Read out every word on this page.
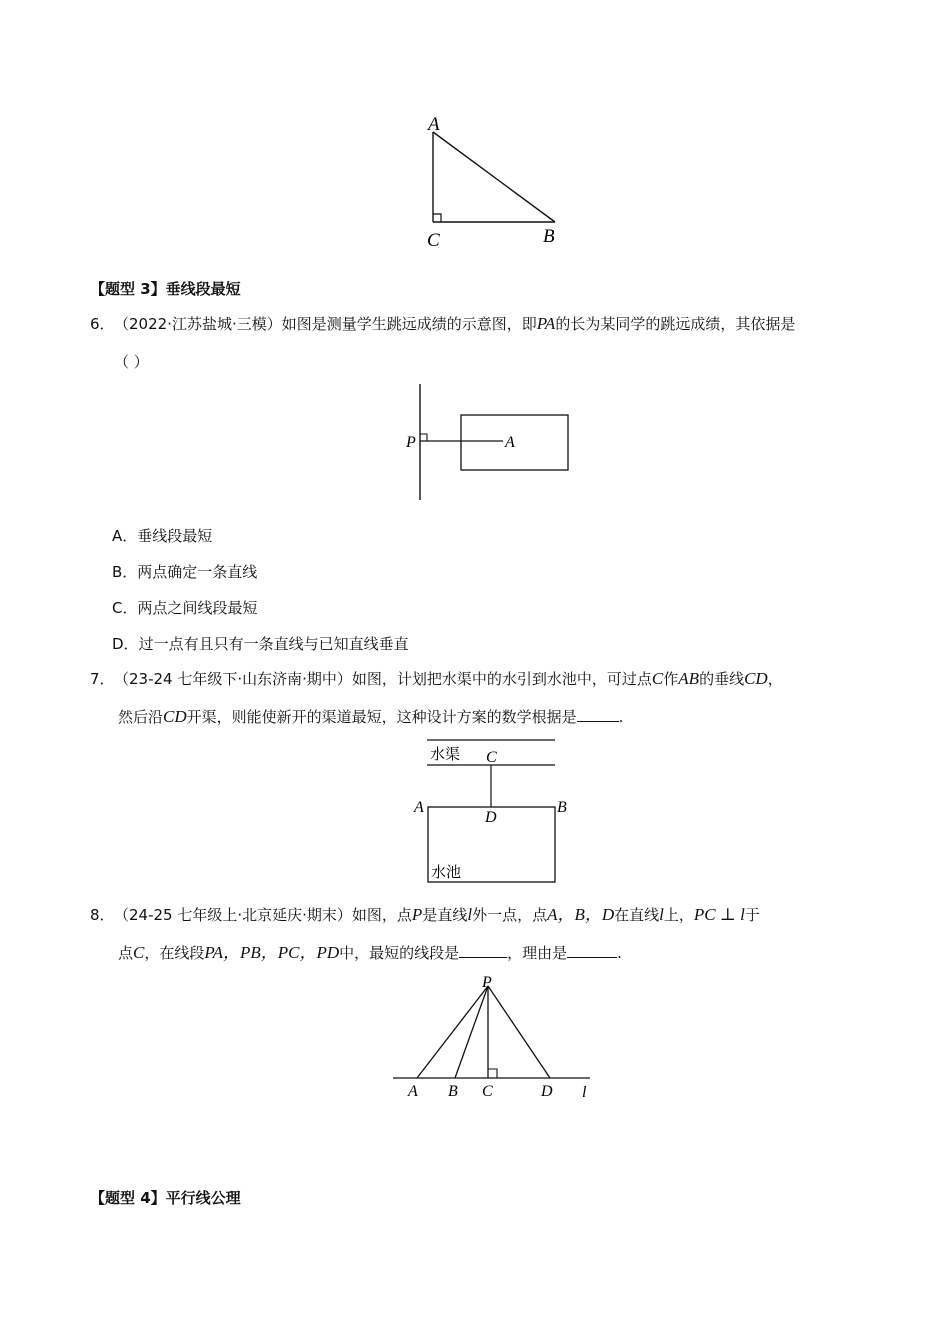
A
C	B
【题型 3】垂线段最短
6． （2022·江苏盐城·三模）如图是测量学生跳远成绩的示意图，即PA的长为某同学的跳远成绩，其依据是
（ ）
P	A
A．垂线段最短
B．两点确定一条直线
C．两点之间线段最短
D．过一点有且只有一条直线与已知直线垂直
7． （23-24 七年级下·山东济南·期中）如图，计划把水渠中的水引到水池中，可过点C作AB的垂线CD，
然后沿CD开渠，则能使新开的渠道最短，这种设计方案的数学根据是	.
水渠 C
A	B
D
水池
8． （24-25 七年级上·北京延庆·期末）如图，点P是直线l外一点，点A，B，D在直线l上，PC ⊥ l于
点C，在线段PA，PB，PC，PD中，最短的线段是	，理由是	.
P
A B C	D l
【题型 4】平行线公理
